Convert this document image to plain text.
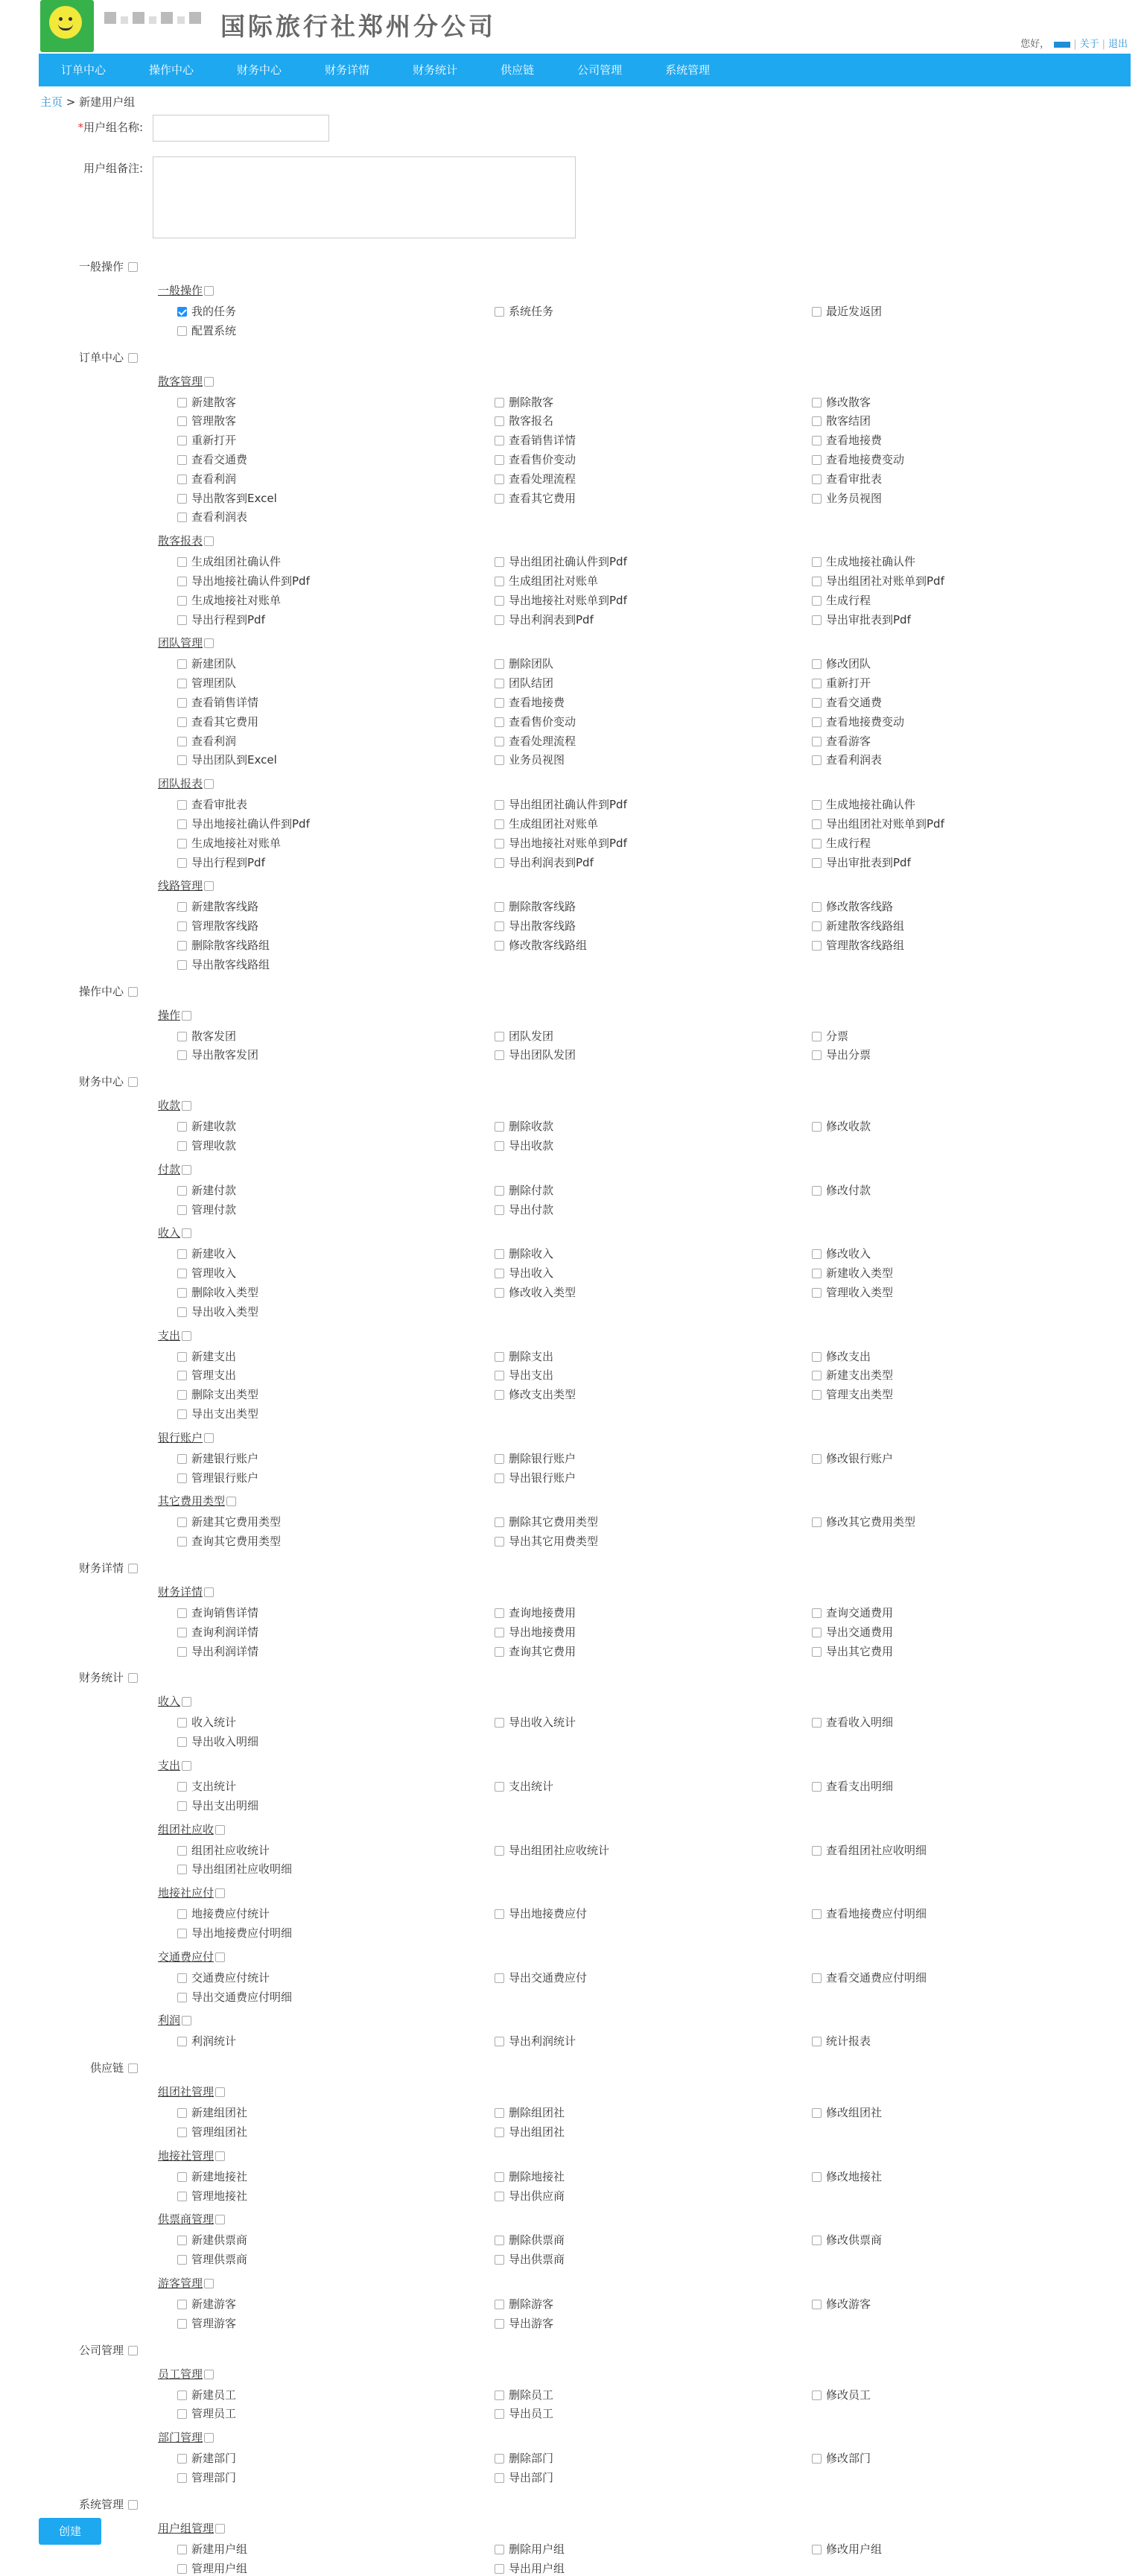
国际旅行社郑州分公司
您好， | 关于 | 退出
订单中心	操作中心	财务中心	财务详情	财务统计	供应链	公司管理	系统管理
主页 > 新建用户组
*用户组名称:
用户组备注:
一般操作
一般操作
我的任务	系统任务	最近发返团
配置系统
订单中心
散客管理
新建散客	删除散客	修改散客
管理散客	散客报名	散客结团
重新打开	查看销售详情	查看地接费
查看交通费	查看售价变动	查看地接费变动
查看利润	查看处理流程	查看审批表
导出散客到Excel	查看其它费用	业务员视图
查看利润表
散客报表
生成组团社确认件	导出组团社确认件到Pdf	生成地接社确认件
导出地接社确认件到Pdf	生成组团社对账单	导出组团社对账单到Pdf
生成地接社对账单	导出地接社对账单到Pdf	生成行程
导出行程到Pdf	导出利润表到Pdf	导出审批表到Pdf
团队管理
新建团队	删除团队	修改团队
管理团队	团队结团	重新打开
查看销售详情	查看地接费	查看交通费
查看其它费用	查看售价变动	查看地接费变动
查看利润	查看处理流程	查看游客
导出团队到Excel	业务员视图	查看利润表
团队报表
查看审批表	导出组团社确认件到Pdf	生成地接社确认件
导出地接社确认件到Pdf	生成组团社对账单	导出组团社对账单到Pdf
生成地接社对账单	导出地接社对账单到Pdf	生成行程
导出行程到Pdf	导出利润表到Pdf	导出审批表到Pdf
线路管理
新建散客线路	删除散客线路	修改散客线路
管理散客线路	导出散客线路	新建散客线路组
删除散客线路组	修改散客线路组	管理散客线路组
导出散客线路组
操作中心
操作
散客发团	团队发团	分票
导出散客发团	导出团队发团	导出分票
财务中心
收款
新建收款	删除收款	修改收款
管理收款	导出收款
付款
新建付款	删除付款	修改付款
管理付款	导出付款
收入
新建收入	删除收入	修改收入
管理收入	导出收入	新建收入类型
删除收入类型	修改收入类型	管理收入类型
导出收入类型
支出
新建支出	删除支出	修改支出
管理支出	导出支出	新建支出类型
删除支出类型	修改支出类型	管理支出类型
导出支出类型
银行账户
新建银行账户	删除银行账户	修改银行账户
管理银行账户	导出银行账户
其它费用类型
新建其它费用类型	删除其它费用类型	修改其它费用类型
查询其它费用类型	导出其它用费类型
财务详情
财务详情
查询销售详情	查询地接费用	查询交通费用
查询利润详情	导出地接费用	导出交通费用
导出利润详情	查询其它费用	导出其它费用
财务统计
收入
收入统计	导出收入统计	查看收入明细
导出收入明细
支出
支出统计	支出统计	查看支出明细
导出支出明细
组团社应收
组团社应收统计	导出组团社应收统计	查看组团社应收明细
导出组团社应收明细
地接社应付
地接费应付统计	导出地接费应付	查看地接费应付明细
导出地接费应付明细
交通费应付
交通费应付统计	导出交通费应付	查看交通费应付明细
导出交通费应付明细
利润
利润统计	导出利润统计	统计报表
供应链
组团社管理
新建组团社	删除组团社	修改组团社
管理组团社	导出组团社
地接社管理
新建地接社	删除地接社	修改地接社
管理地接社	导出供应商
供票商管理
新建供票商	删除供票商	修改供票商
管理供票商	导出供票商
游客管理
新建游客	删除游客	修改游客
管理游客	导出游客
公司管理
员工管理
新建员工	删除员工	修改员工
管理员工	导出员工
部门管理
新建部门	删除部门	修改部门
管理部门	导出部门
系统管理
用户组管理
新建用户组	删除用户组	修改用户组
管理用户组	导出用户组
创建
